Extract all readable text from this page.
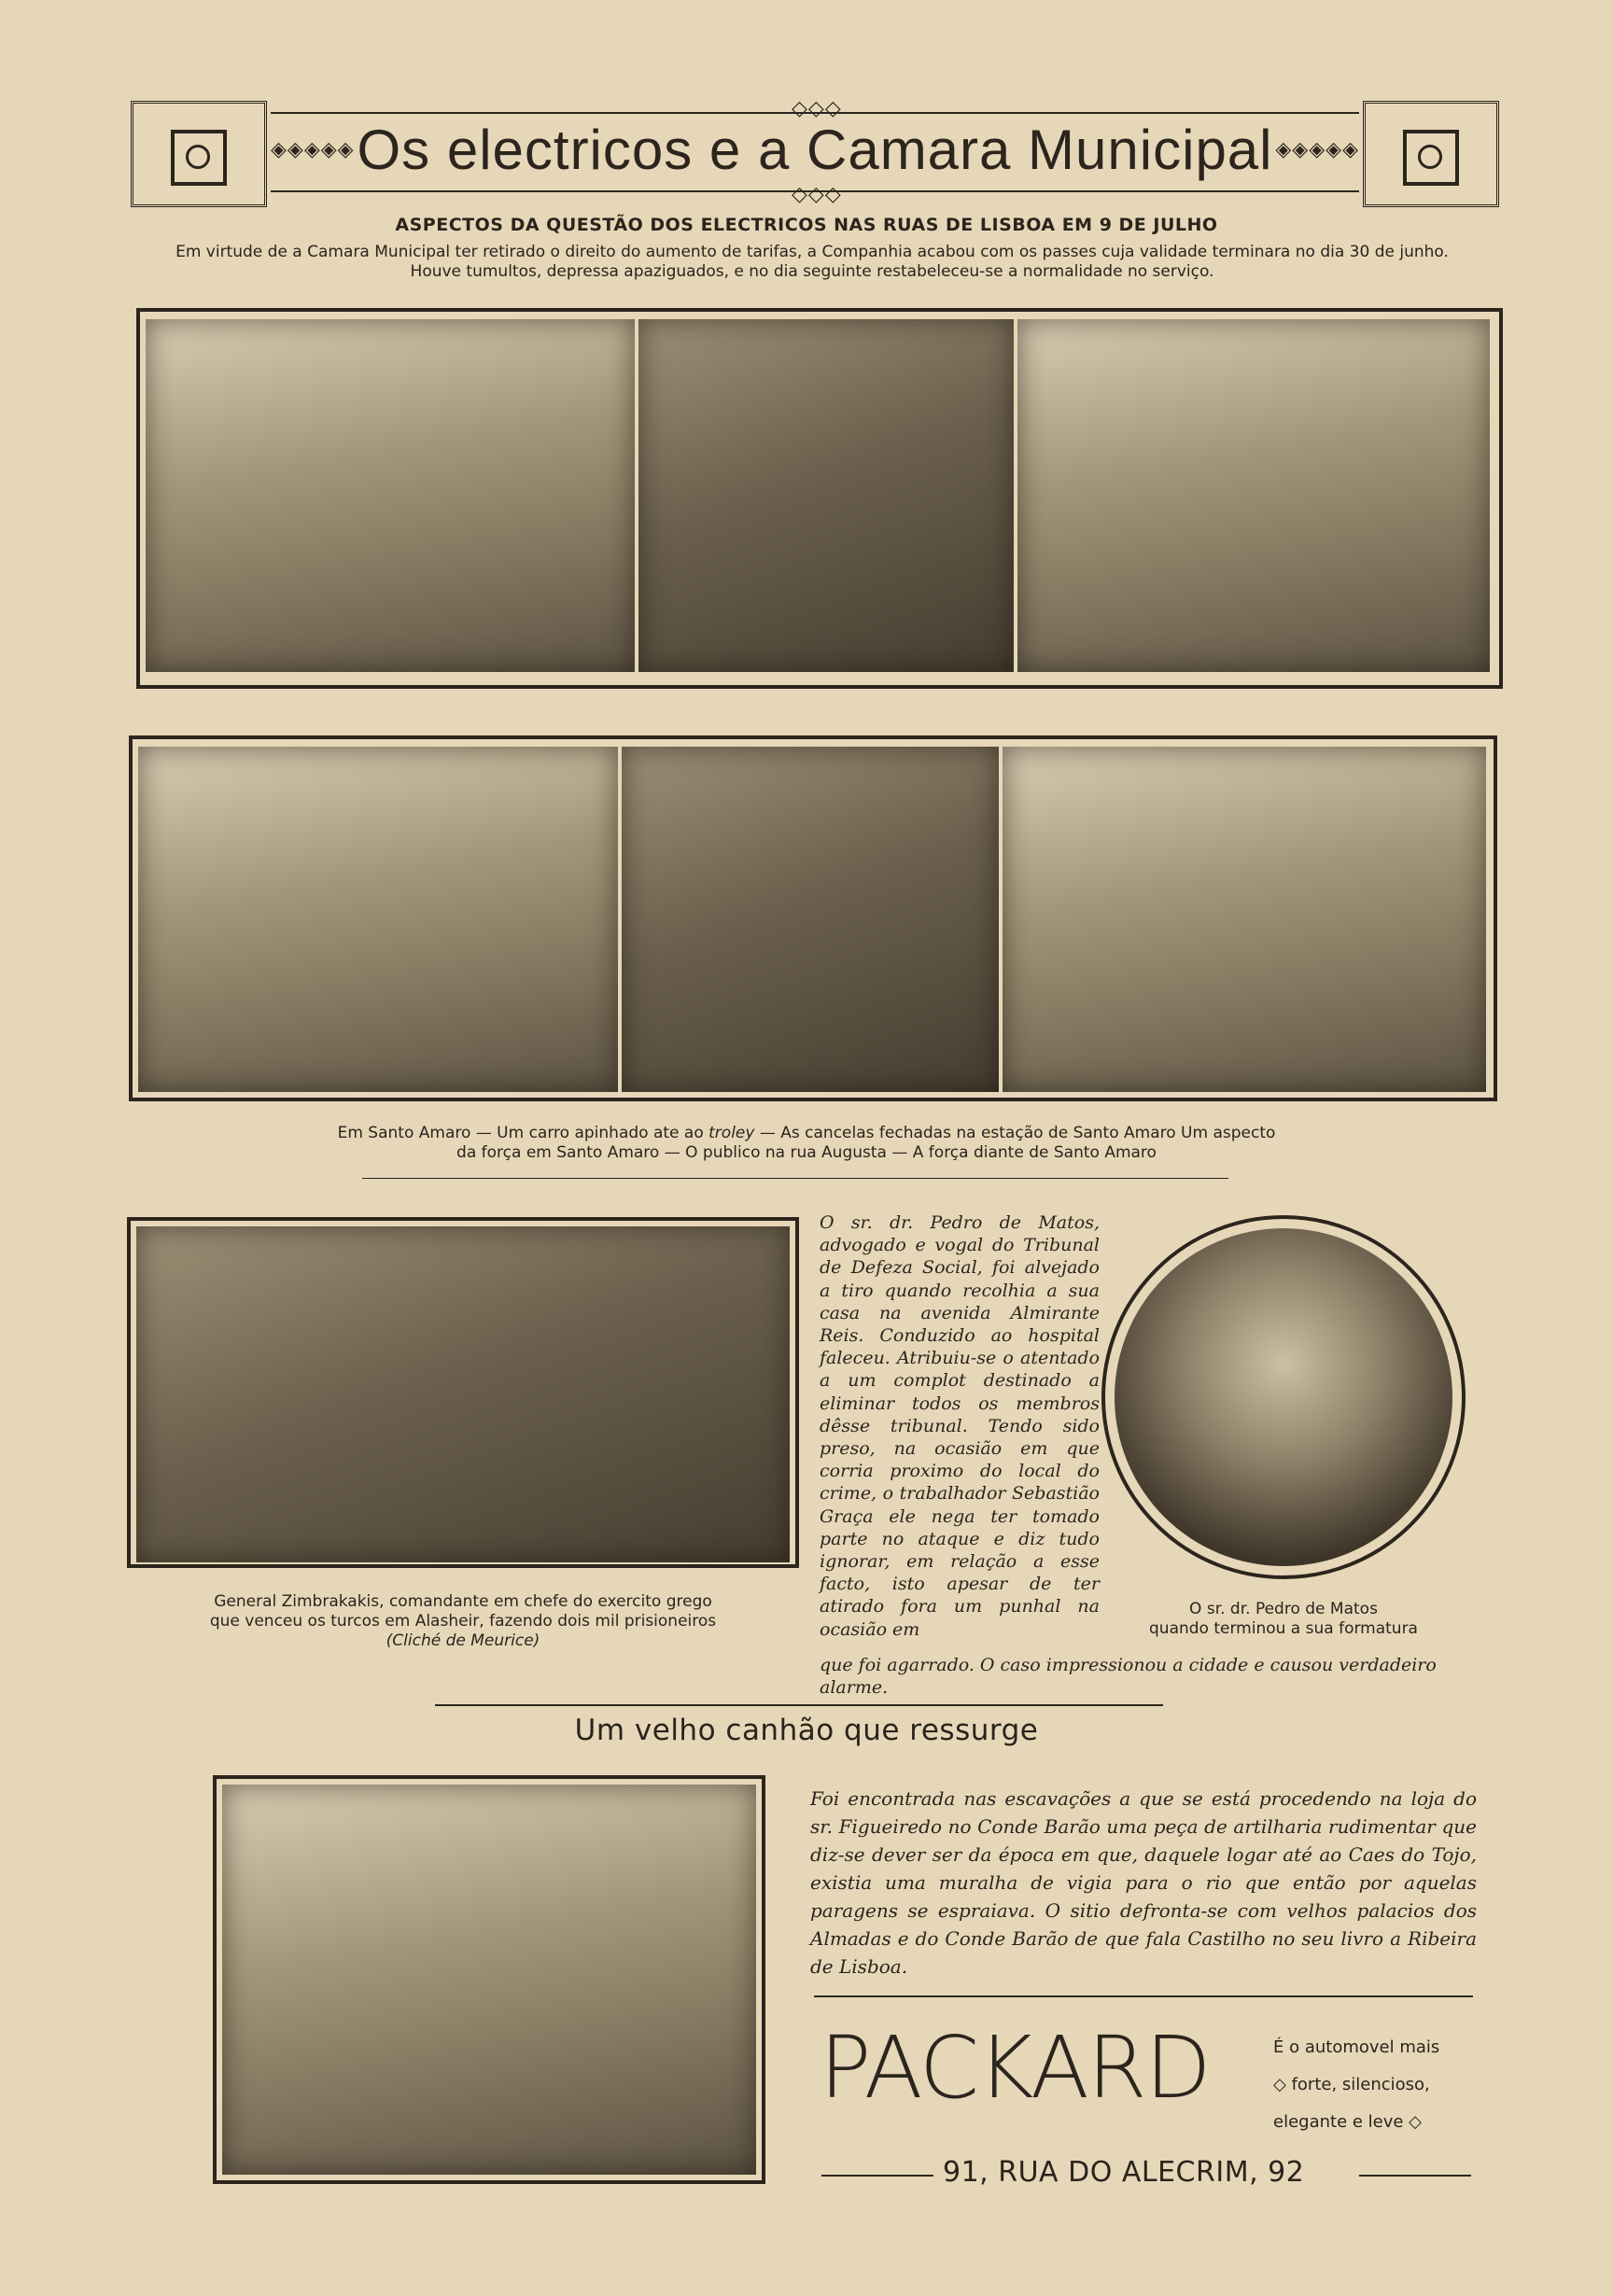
◈◈◈◈◈	◈◈◈◈◈
◇◇◇
◇◇◇
Os electricos e a Camara Municipal
ASPECTOS DA QUESTÃO DOS ELECTRICOS NAS RUAS DE LISBOA EM 9 DE JULHO
Em virtude de a Camara Municipal ter retirado o direito do aumento de tarifas, a Companhia acabou com os passes cuja validade terminara no dia 30 de junho. Houve tumultos, depressa apaziguados, e no dia seguinte restabeleceu-se a normalidade no serviço.
Em Santo Amaro — Um carro apinhado ate ao troley — As cancelas fechadas na estação de Santo Amaro Um aspecto
da força em Santo Amaro — O publico na rua Augusta — A força diante de Santo Amaro
General Zimbrakakis, comandante em chefe do exercito grego
que venceu os turcos em Alasheir, fazendo dois mil prisioneiros
(Cliché de Meurice)
O sr. dr. Pedro de Matos, advogado e vogal do Tribunal de Defeza Social, foi alvejado a tiro quando recolhia a sua casa na avenida Almirante Reis. Conduzido ao hospital faleceu. Atribuiu-se o atentado a um complot destinado a eliminar todos os membros dêsse tribunal. Tendo sido preso, na ocasião em que corria proximo do local do crime, o trabalhador Sebastião Graça ele nega ter tomado parte no ataque e diz tudo ignorar, em relação a esse facto, isto apesar de ter atirado fora um punhal na ocasião em
que foi agarrado. O caso impressionou a cidade e causou verdadeiro alarme.
O sr. dr. Pedro de Matos
quando terminou a sua formatura
Um velho canhão que ressurge
Foi encontrada nas escavações a que se está procedendo na loja do sr. Figueiredo no Conde Barão uma peça de artilharia rudimentar que diz-se dever ser da época em que, daquele logar até ao Caes do Tojo, existia uma muralha de vigia para o rio que então por aquelas paragens se espraiava. O sitio defronta-se com velhos palacios dos Almadas e do Conde Barão de que fala Castilho no seu livro a Ribeira de Lisboa.
PACKARD	É o automovel mais
◇ forte, silencioso,
elegante e leve ◇
91, RUA DO ALECRIM, 92
